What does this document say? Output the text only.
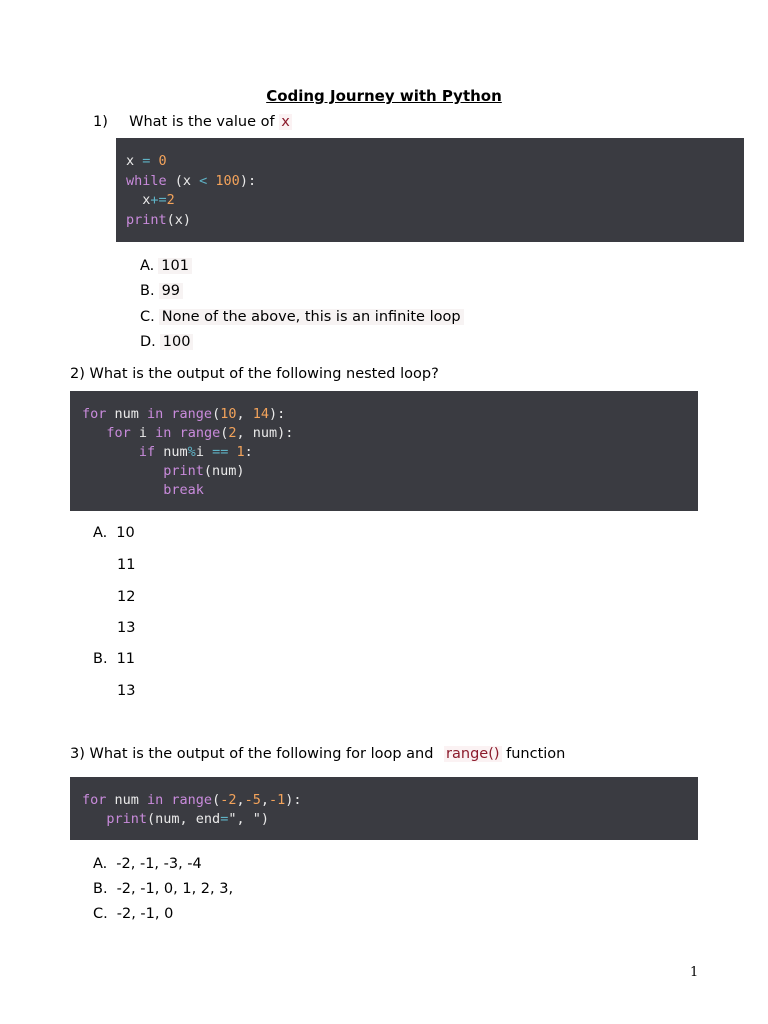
Coding Journey with Python
1) What is the value of x
x = 0
while (x < 100):
x+=2
print(x)
A. 101
B. 99
C. None of the above, this is an infinite loop
D. 100
2) What is the output of the following nested loop?
for num in range(10, 14):
for i in range(2, num):
if num%i == 1:
print(num)
break
A. 10
11
12
13
B. 11
13
3) What is the output of the following for loop and range() function
for num in range(-2,-5,-1):
print(num, end=", ")
A. -2, -1, -3, -4
B. -2, -1, 0, 1, 2, 3,
C. -2, -1, 0
1
